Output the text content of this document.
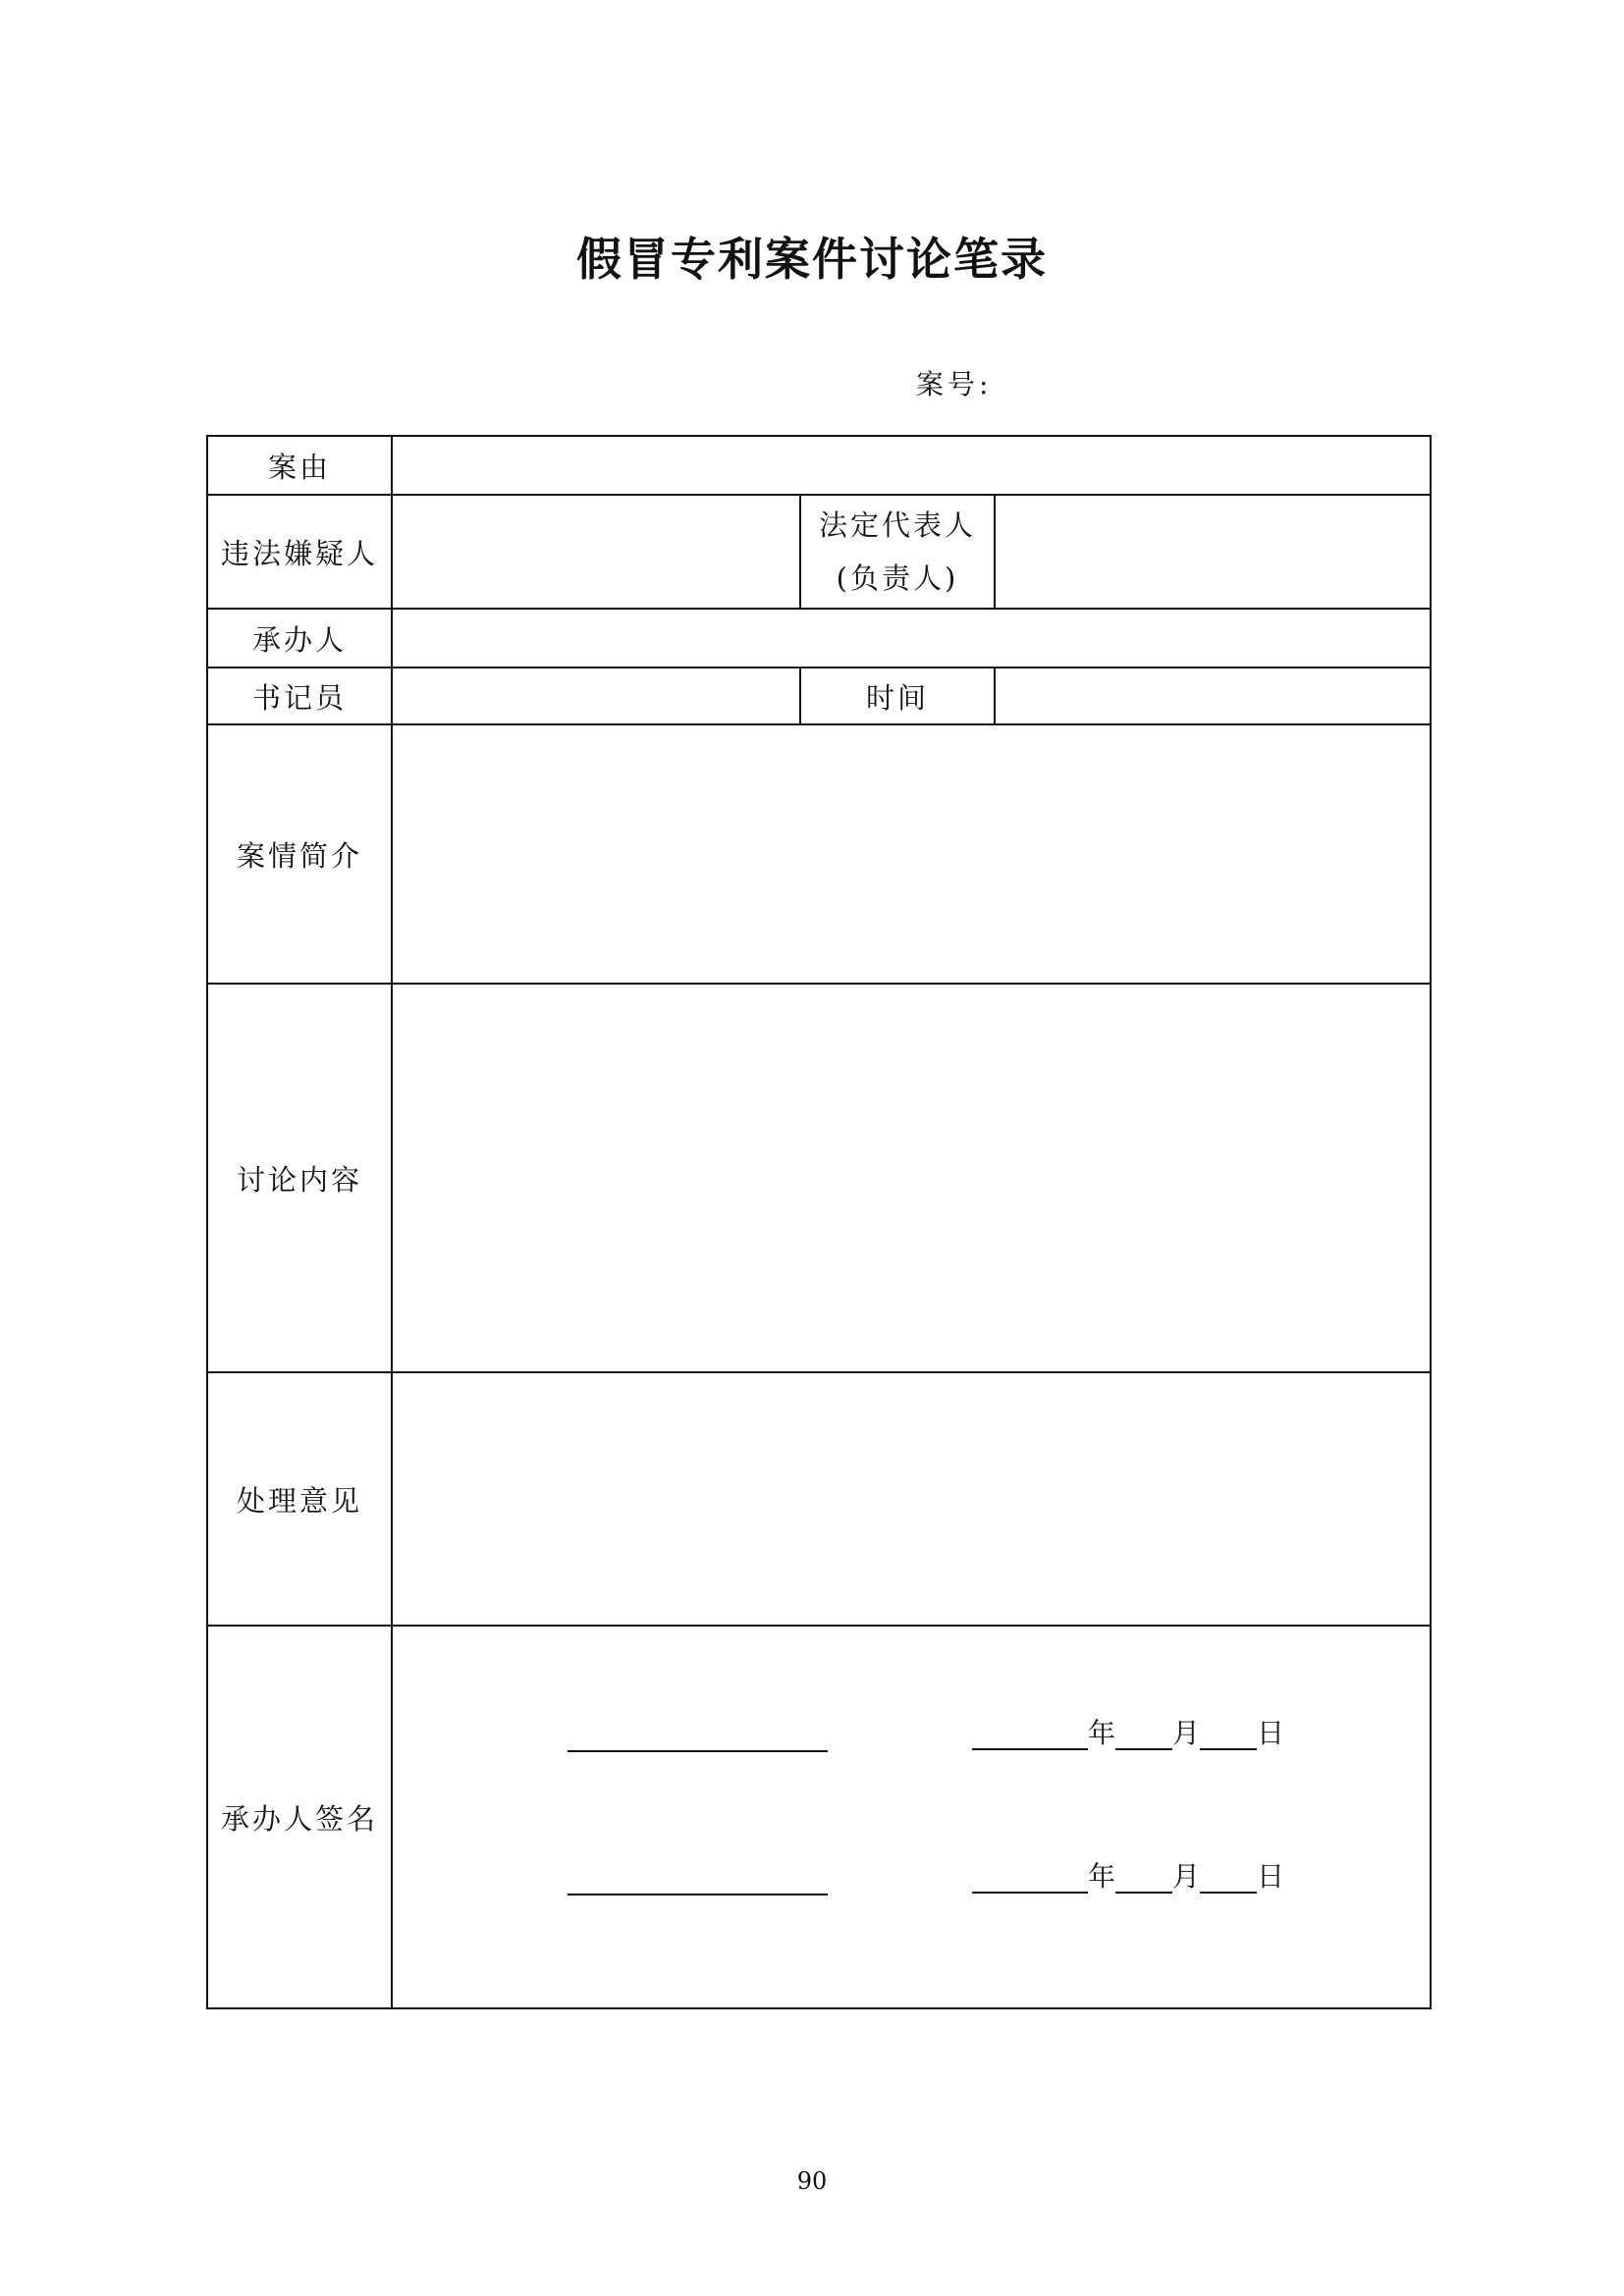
假冒专利案件讨论笔录
案号:
案由			
违法嫌疑人		法定代表人
(负责人)	

承办人			
书记员		时间	
案情简介			
讨论内容			
处理意见			
承办人签名	年 月 日
年 月 日		
90
